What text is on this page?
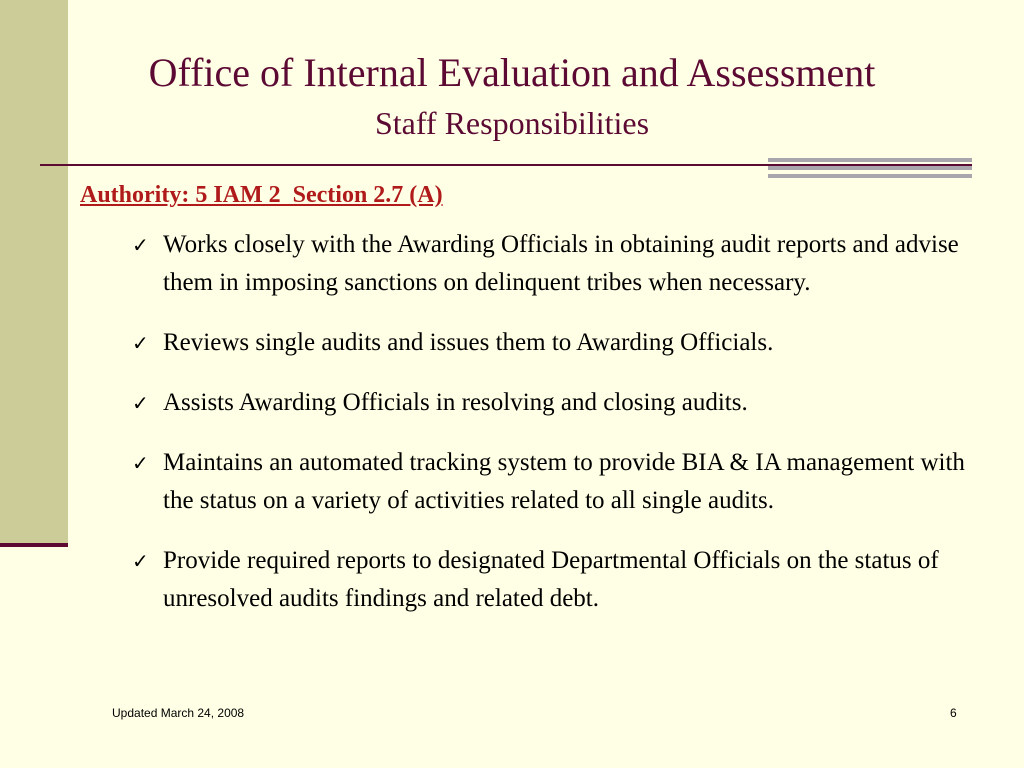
Office of Internal Evaluation and Assessment
Staff Responsibilities
Authority: 5 IAM 2  Section 2.7 (A)
✓ Works closely with the Awarding Officials in obtaining audit reports and advise them in imposing sanctions on delinquent tribes when necessary.
✓ Reviews single audits and issues them to Awarding Officials.
✓ Assists Awarding Officials in resolving and closing audits.
✓ Maintains an automated tracking system to provide BIA & IA management with the status on a variety of activities related to all single audits.
✓ Provide required reports to designated Departmental Officials on the status of unresolved audits findings and related debt.
Updated March 24, 2008	6
